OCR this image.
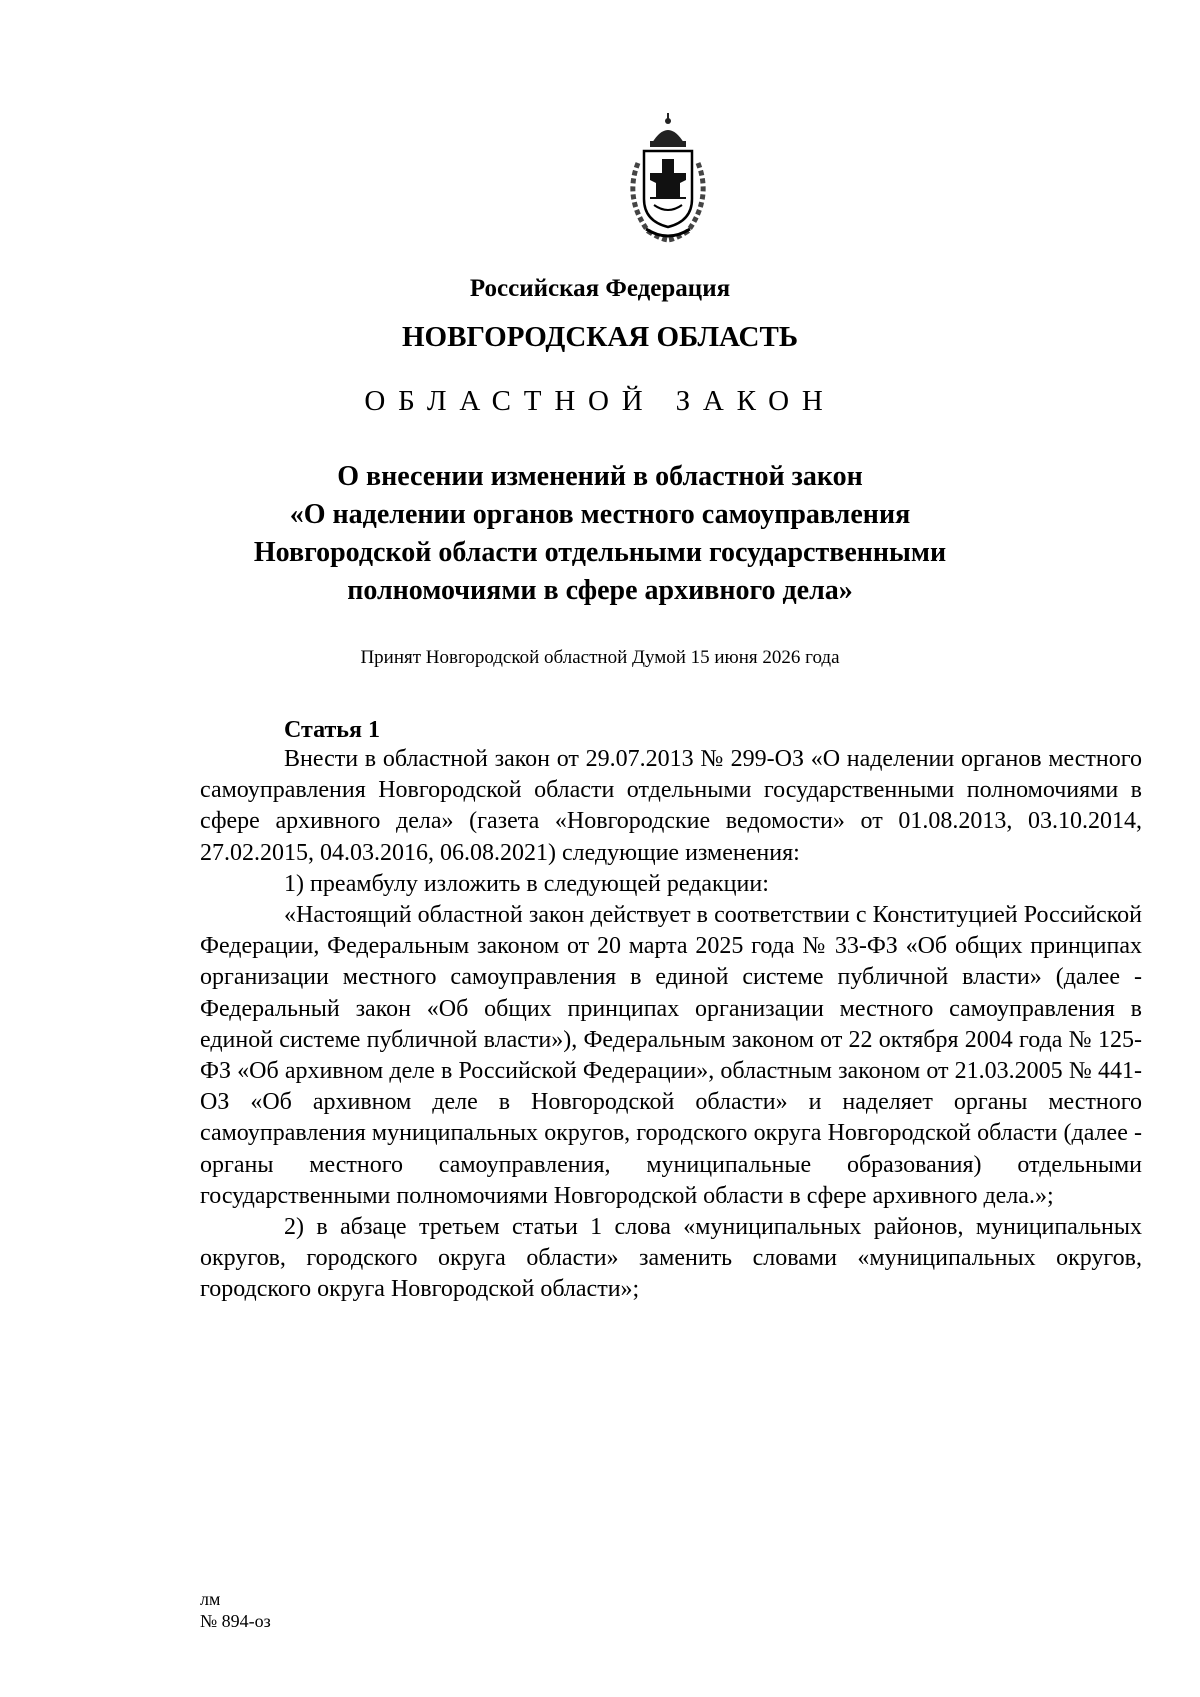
Российская Федерация
НОВГОРОДСКАЯ ОБЛАСТЬ
ОБЛАСТНОЙ ЗАКОН
О внесении изменений в областной закон
«О наделении органов местного самоуправления
Новгородской области отдельными государственными
полномочиями в сфере архивного дела»
Принят Новгородской областной Думой 15 июня 2026 года
Статья 1

Внести в областной закон от 29.07.2013 № 299-ОЗ «О наделении органов местного самоуправления Новгородской области отдельными государственными полномочиями в сфере архивного дела» (газета «Новгородские ведомости» от 01.08.2013, 03.10.2014, 27.02.2015, 04.03.2016, 06.08.2021) следующие изменения:

1) преамбулу изложить в следующей редакции:

«Настоящий областной закон действует в соответствии с Конституцией Российской Федерации, Федеральным законом от 20 марта 2025 года № 33-ФЗ «Об общих принципах организации местного самоуправления в единой системе публичной власти» (далее - Федеральный закон «Об общих принципах организации местного самоуправления в единой системе публичной власти»), Федеральным законом от 22 октября 2004 года № 125-ФЗ «Об архивном деле в Российской Федерации», областным законом от 21.03.2005 № 441-ОЗ «Об архивном деле в Новгородской области» и наделяет органы местного самоуправления муниципальных округов, городского округа Новгородской области (далее - органы местного самоуправления, муниципальные образования) отдельными государственными полномочиями Новгородской области в сфере архивного дела.»;

2) в абзаце третьем статьи 1 слова «муниципальных районов, муниципальных округов, городского округа области» заменить словами «муниципальных округов, городского округа Новгородской области»;

лм
№ 894-оз
